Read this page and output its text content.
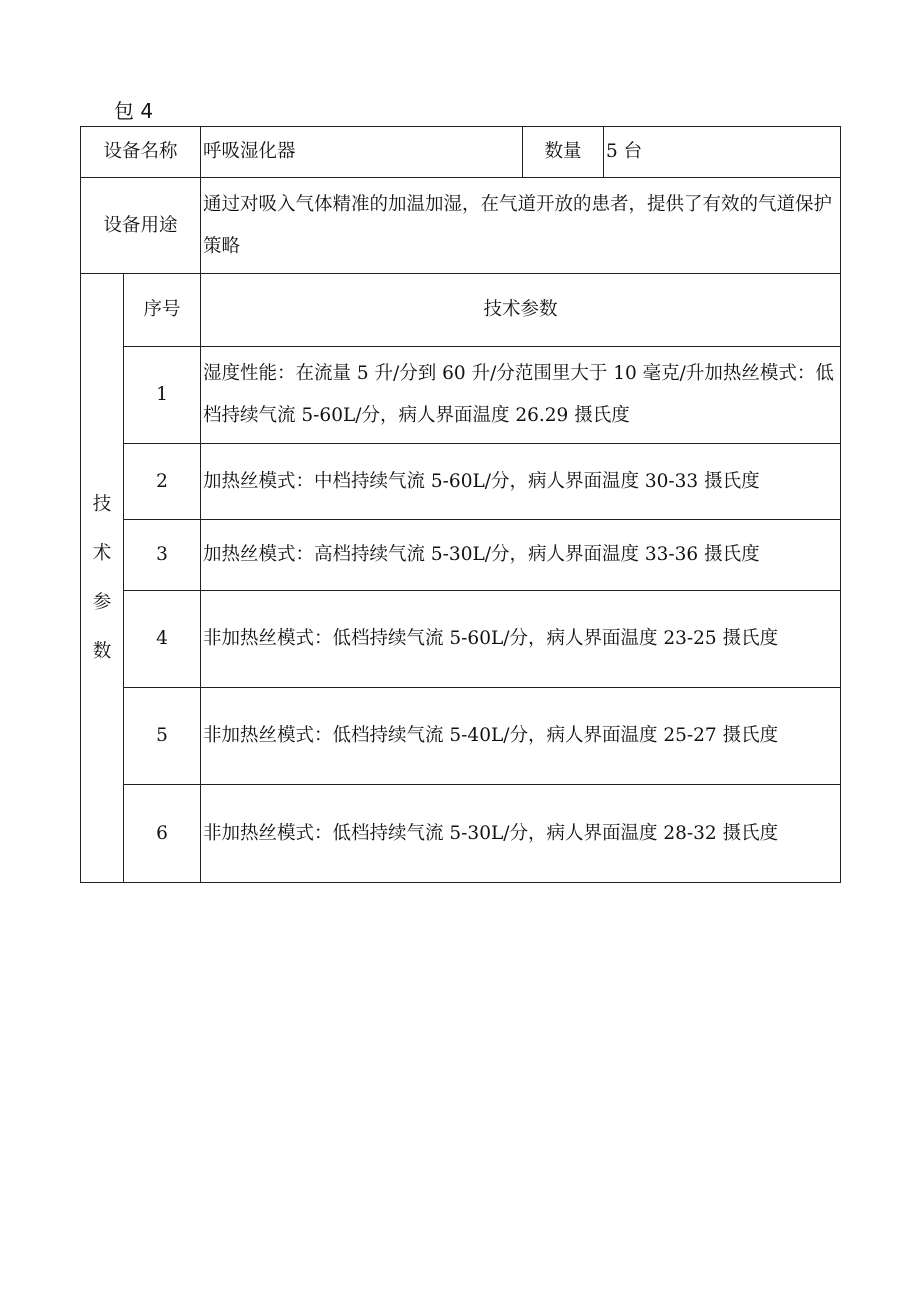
包 4
设备名称		呼吸湿化器	数量	5 台
设备用途		通过对吸入气体精准的加温加湿，在气道开放的患者，提供了有效的气道保护策略		

技
术
参
数	序号	技术参数		
	1	湿度性能：在流量 5 升/分到 60 升/分范围里大于 10 毫克/升加热丝模式：低档持续气流 5-60L/分，病人界面温度 26.29 摄氏度		
	2	加热丝模式：中档持续气流 5-60L/分，病人界面温度 30-33 摄氏度		
	3	加热丝模式：高档持续气流 5-30L/分，病人界面温度 33-36 摄氏度		
	4	非加热丝模式：低档持续气流 5-60L/分，病人界面温度 23-25 摄氏度		
	5	非加热丝模式：低档持续气流 5-40L/分，病人界面温度 25-27 摄氏度		
	6	非加热丝模式：低档持续气流 5-30L/分，病人界面温度 28-32 摄氏度		
